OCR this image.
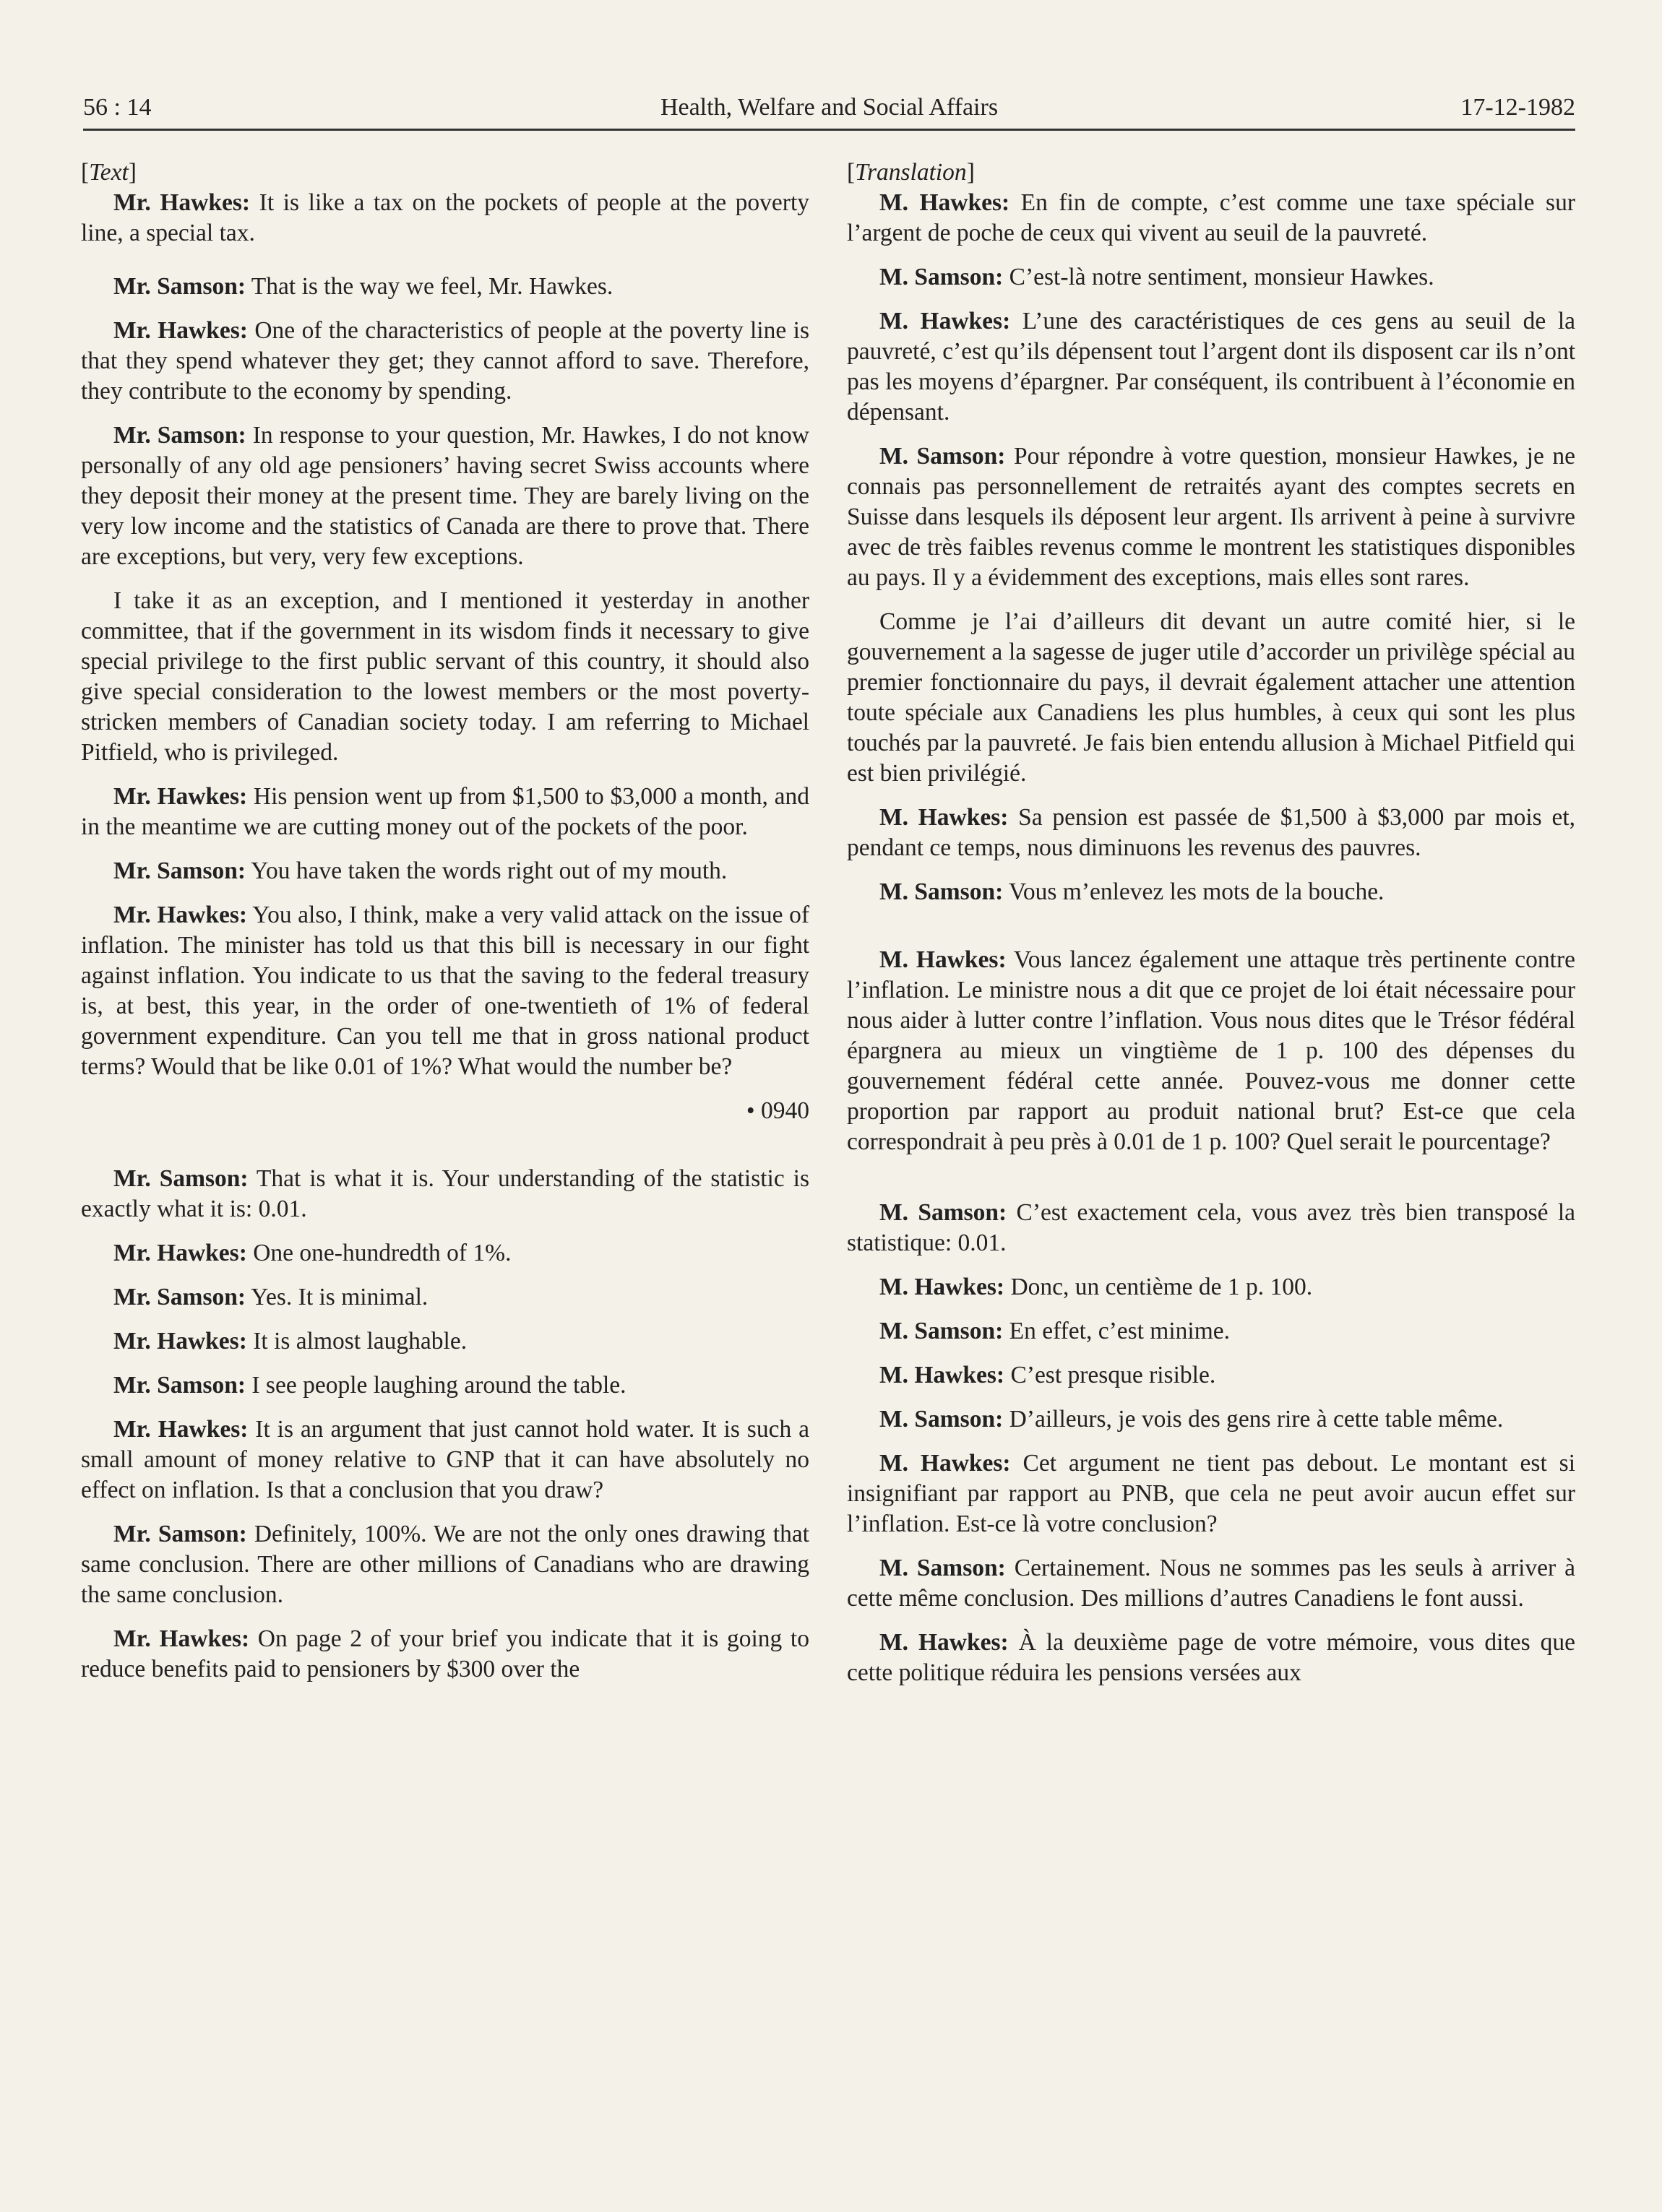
56 : 14	Health, Welfare and Social Affairs	17-12-1982
[Text]

Mr. Hawkes: It is like a tax on the pockets of people at the poverty line, a special tax.

Mr. Samson: That is the way we feel, Mr. Hawkes.

Mr. Hawkes: One of the characteristics of people at the poverty line is that they spend whatever they get; they cannot afford to save. Therefore, they contribute to the economy by spending.

Mr. Samson: In response to your question, Mr. Hawkes, I do not know personally of any old age pensioners’ having secret Swiss accounts where they deposit their money at the present time. They are barely living on the very low income and the statistics of Canada are there to prove that. There are exceptions, but very, very few exceptions.

I take it as an exception, and I mentioned it yesterday in another committee, that if the government in its wisdom finds it necessary to give special privilege to the first public servant of this country, it should also give special consideration to the lowest members or the most poverty-stricken members of Canadian society today. I am referring to Michael Pitfield, who is privileged.

Mr. Hawkes: His pension went up from $1,500 to $3,000 a month, and in the meantime we are cutting money out of the pockets of the poor.

Mr. Samson: You have taken the words right out of my mouth.

Mr. Hawkes: You also, I think, make a very valid attack on the issue of inflation. The minister has told us that this bill is necessary in our fight against inflation. You indicate to us that the saving to the federal treasury is, at best, this year, in the order of one-twentieth of 1% of federal government expenditure. Can you tell me that in gross national product terms? Would that be like 0.01 of 1%? What would the number be?

• 0940

Mr. Samson: That is what it is. Your understanding of the statistic is exactly what it is: 0.01.

Mr. Hawkes: One one-hundredth of 1%.

Mr. Samson: Yes. It is minimal.

Mr. Hawkes: It is almost laughable.

Mr. Samson: I see people laughing around the table.

Mr. Hawkes: It is an argument that just cannot hold water. It is such a small amount of money relative to GNP that it can have absolutely no effect on inflation. Is that a conclusion that you draw?

Mr. Samson: Definitely, 100%. We are not the only ones drawing that same conclusion. There are other millions of Canadians who are drawing the same conclusion.

Mr. Hawkes: On page 2 of your brief you indicate that it is going to reduce benefits paid to pensioners by $300 over the

[Translation]

M. Hawkes: En fin de compte, c’est comme une taxe spéciale sur l’argent de poche de ceux qui vivent au seuil de la pauvreté.

M. Samson: C’est-là notre sentiment, monsieur Hawkes.

M. Hawkes: L’une des caractéristiques de ces gens au seuil de la pauvreté, c’est qu’ils dépensent tout l’argent dont ils disposent car ils n’ont pas les moyens d’épargner. Par conséquent, ils contribuent à l’économie en dépensant.

M. Samson: Pour répondre à votre question, monsieur Hawkes, je ne connais pas personnellement de retraités ayant des comptes secrets en Suisse dans lesquels ils déposent leur argent. Ils arrivent à peine à survivre avec de très faibles revenus comme le montrent les statistiques disponibles au pays. Il y a évidemment des exceptions, mais elles sont rares.

Comme je l’ai d’ailleurs dit devant un autre comité hier, si le gouvernement a la sagesse de juger utile d’accorder un privilège spécial au premier fonctionnaire du pays, il devrait également attacher une attention toute spéciale aux Canadiens les plus humbles, à ceux qui sont les plus touchés par la pauvreté. Je fais bien entendu allusion à Michael Pitfield qui est bien privilégié.

M. Hawkes: Sa pension est passée de $1,500 à $3,000 par mois et, pendant ce temps, nous diminuons les revenus des pauvres.

M. Samson: Vous m’enlevez les mots de la bouche.

M. Hawkes: Vous lancez également une attaque très pertinente contre l’inflation. Le ministre nous a dit que ce projet de loi était nécessaire pour nous aider à lutter contre l’inflation. Vous nous dites que le Trésor fédéral épargnera au mieux un vingtième de 1 p. 100 des dépenses du gouvernement fédéral cette année. Pouvez-vous me donner cette proportion par rapport au produit national brut? Est-ce que cela correspondrait à peu près à 0.01 de 1 p. 100? Quel serait le pourcentage?

M. Samson: C’est exactement cela, vous avez très bien transposé la statistique: 0.01.

M. Hawkes: Donc, un centième de 1 p. 100.

M. Samson: En effet, c’est minime.

M. Hawkes: C’est presque risible.

M. Samson: D’ailleurs, je vois des gens rire à cette table même.

M. Hawkes: Cet argument ne tient pas debout. Le montant est si insignifiant par rapport au PNB, que cela ne peut avoir aucun effet sur l’inflation. Est-ce là votre conclusion?

M. Samson: Certainement. Nous ne sommes pas les seuls à arriver à cette même conclusion. Des millions d’autres Canadiens le font aussi.

M. Hawkes: À la deuxième page de votre mémoire, vous dites que cette politique réduira les pensions versées aux
